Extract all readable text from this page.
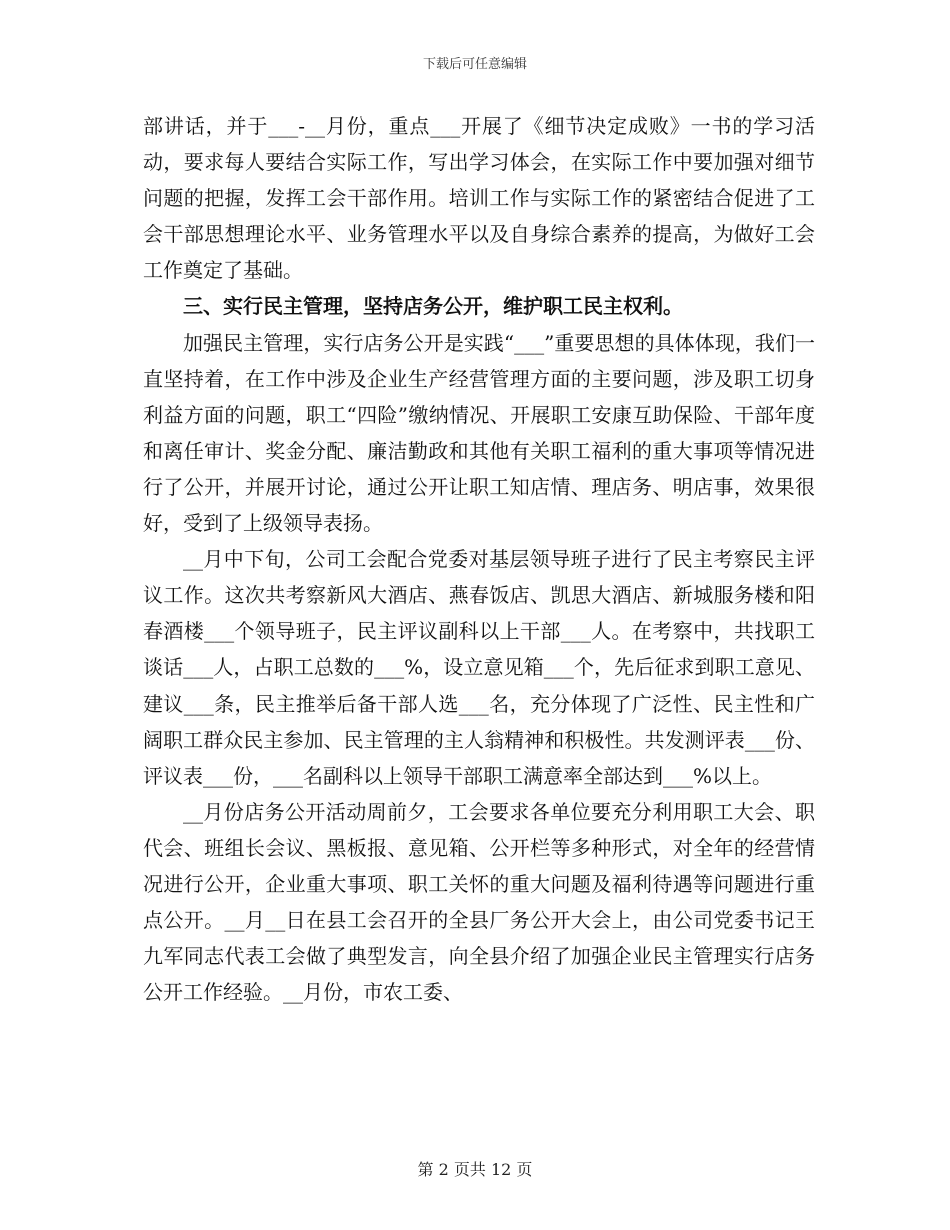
下载后可任意编辑

部讲话，并于___-__月份，重点___开展了《细节决定成败》一书的学习活动，要求每人要结合实际工作，写出学习体会，在实际工作中要加强对细节问题的把握，发挥工会干部作用。培训工作与实际工作的紧密结合促进了工会干部思想理论水平、业务管理水平以及自身综合素养的提高，为做好工会工作奠定了基础。

三、实行民主管理，坚持店务公开，维护职工民主权利。

加强民主管理，实行店务公开是实践“___”重要思想的具体体现，我们一直坚持着，在工作中涉及企业生产经营管理方面的主要问题，涉及职工切身利益方面的问题，职工“四险”缴纳情况、开展职工安康互助保险、干部年度和离任审计、奖金分配、廉洁勤政和其他有关职工福利的重大事项等情况进行了公开，并展开讨论，通过公开让职工知店情、理店务、明店事，效果很好，受到了上级领导表扬。

__月中下旬，公司工会配合党委对基层领导班子进行了民主考察民主评议工作。这次共考察新风大酒店、燕春饭店、凯思大酒店、新城服务楼和阳春酒楼___个领导班子，民主评议副科以上干部___人。在考察中，共找职工谈话___人，占职工总数的___%，设立意见箱___个，先后征求到职工意见、建议___条，民主推举后备干部人选___名，充分体现了广泛性、民主性和广阔职工群众民主参加、民主管理的主人翁精神和积极性。共发测评表___份、评议表___份，___名副科以上领导干部职工满意率全部达到___%以上。

__月份店务公开活动周前夕，工会要求各单位要充分利用职工大会、职代会、班组长会议、黑板报、意见箱、公开栏等多种形式，对全年的经营情况进行公开，企业重大事项、职工关怀的重大问题及福利待遇等问题进行重点公开。__月__日在县工会召开的全县厂务公开大会上，由公司党委书记王九军同志代表工会做了典型发言，向全县介绍了加强企业民主管理实行店务公开工作经验。__月份，市农工委、

第 2 页共 12 页
